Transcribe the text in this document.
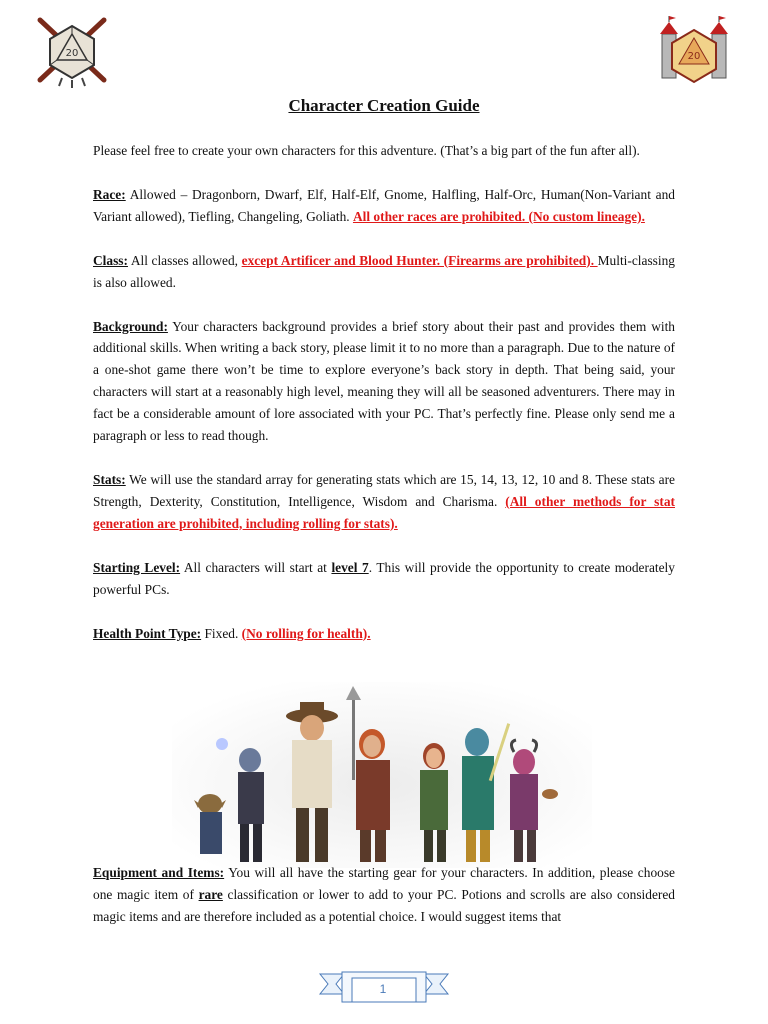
20	20
Character Creation Guide

Please feel free to create your own characters for this adventure. (That’s a big part of the fun after all).

Race: Allowed – Dragonborn, Dwarf, Elf, Half-Elf, Gnome, Halfling, Half-Orc, Human(Non-Variant and Variant allowed), Tiefling, Changeling, Goliath. All other races are prohibited. (No custom lineage).

Class: All classes allowed, except Artificer and Blood Hunter. (Firearms are prohibited). Multi-classing is also allowed.

Background: Your characters background provides a brief story about their past and provides them with additional skills. When writing a back story, please limit it to no more than a paragraph. Due to the nature of a one-shot game there won’t be time to explore everyone’s back story in depth. That being said, your characters will start at a reasonably high level, meaning they will all be seasoned adventurers. There may in fact be a considerable amount of lore associated with your PC. That’s perfectly fine. Please only send me a paragraph or less to read though.

Stats: We will use the standard array for generating stats which are 15, 14, 13, 12, 10 and 8. These stats are Strength, Dexterity, Constitution, Intelligence, Wisdom and Charisma. (All other methods for stat generation are prohibited, including rolling for stats).

Starting Level: All characters will start at level 7. This will provide the opportunity to create moderately powerful PCs.

Health Point Type: Fixed. (No rolling for health).

Equipment and Items: You will all have the starting gear for your characters. In addition, please choose one magic item of rare classification or lower to add to your PC. Potions and scrolls are also considered magic items and are therefore included as a potential choice. I would suggest items that

1
